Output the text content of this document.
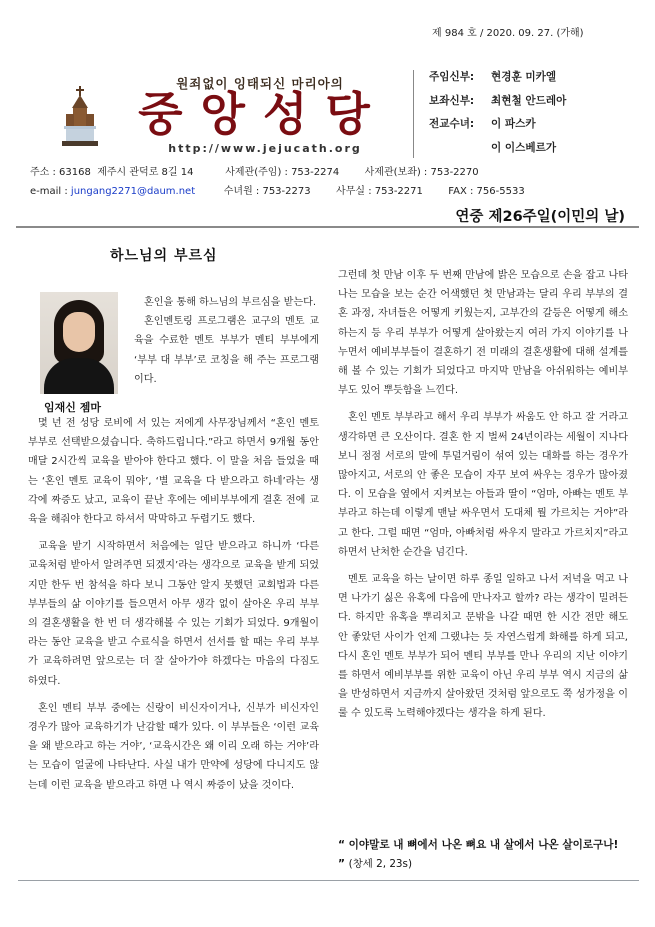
원죄없이 잉태되신 마리아의
중앙성당
http://www.jejucath.org
제 984 호 / 2020. 09. 27. (가해)
주임신부:	현경훈 미카엘
보좌신부:	최현철 안드레아
전교수녀:	이 파스카
이 이스베르가
주소 : 63168  제주시 관덕로 8길 14          사제관(주임) : 753-2274        사제관(보좌) : 753-2270
e-mail : jungang2271@daum.net         수녀원 : 753-2273        사무실 : 753-2271        FAX : 756-5533
연중 제26주일(이민의 날)
하느님의 부르심
임재신 젬마

혼인을 통해 하느님의 부르심을 받는다.

혼인멘토링 프로그램은 교구의 멘토 교육을 수료한 멘토 부부가 멘티 부부에게 ‘부부 대 부부’로 코칭을 해 주는 프로그램이다.

몇 년 전 성당 로비에 서 있는 저에게 사무장님께서 “혼인 멘토 부부로 선택받으셨습니다. 축하드립니다.”라고 하면서 9개월 동안 매달 2시간씩 교육을 받아야 한다고 했다. 이 말을 처음 들었을 때는 ‘혼인 멘토 교육이 뭐야’, ‘별 교육을 다 받으라고 하네’라는 생각에 짜증도 났고, 교육이 끝난 후에는 예비부부에게 결혼 전에 교육을 해줘야 한다고 하셔서 막막하고 두렵기도 했다.

교육을 받기 시작하면서 처음에는 일단 받으라고 하니까 ‘다른 교육처럼 받아서 알려주면 되겠지’라는 생각으로 교육을 받게 되었지만 한두 번 참석을 하다 보니 그동안 알지 못했던 교회법과 다른 부부들의 삶 이야기를 들으면서 아무 생각 없이 살아온 우리 부부의 결혼생활을 한 번 더 생각해볼 수 있는 기회가 되었다. 9개월이라는 동안 교육을 받고 수료식을 하면서 선서를 할 때는 우리 부부가 교육하려면 앞으로는 더 잘 살아가야 하겠다는 마음의 다짐도 하였다.

혼인 멘티 부부 중에는 신랑이 비신자이거나, 신부가 비신자인 경우가 많아 교육하기가 난감할 때가 있다. 이 부부들은 ‘이런 교육을 왜 받으라고 하는 거야’, ‘교육시간은 왜 이리 오래 하는 거야’라는 모습이 얼굴에 나타난다. 사실 내가 만약에 성당에 다니지도 않는데 이런 교육을 받으라고 하면 나 역시 짜증이 났을 것이다.

그런데 첫 만남 이후 두 번째 만남에 밝은 모습으로 손을 잡고 나타나는 모습을 보는 순간 어색했던 첫 만남과는 달리 우리 부부의 결혼 과정, 자녀들은 어떻게 키웠는지, 고부간의 갈등은 어떻게 해소하는지 등 우리 부부가 어떻게 살아왔는지 여러 가지 이야기를 나누면서 예비부부들이 결혼하기 전 미래의 결혼생활에 대해 설계를 해 볼 수 있는 기회가 되었다고 마지막 만남을 아쉬워하는 예비부부도 있어 뿌듯함을 느낀다.

혼인 멘토 부부라고 해서 우리 부부가 싸움도 안 하고 잘 거라고 생각하면 큰 오산이다. 결혼 한 지 벌써 24년이라는 세월이 지나다 보니 점점 서로의 말에 투덜거림이 섞여 있는 대화를 하는 경우가 많아지고, 서로의 안 좋은 모습이 자꾸 보여 싸우는 경우가 많아졌다. 이 모습을 옆에서 지켜보는 아들과 딸이 “엄마, 아빠는 멘토 부부라고 하는데 이렇게 맨날 싸우면서 도대체 뭘 가르치는 거야”라고 한다. 그럴 때면 “엄마, 아빠처럼 싸우지 말라고 가르치지”라고 하면서 난처한 순간을 넘긴다.

멘토 교육을 하는 날이면 하루 종일 일하고 나서 저녁을 먹고 나면 나가기 싫은 유혹에 다음에 만나자고 할까? 라는 생각이 밀려든다. 하지만 유혹을 뿌리치고 문밖을 나갈 때면 한 시간 전만 해도 안 좋았던 사이가 언제 그랬냐는 듯 자연스럽게 화해를 하게 되고, 다시 혼인 멘토 부부가 되어 멘티 부부를 만나 우리의 지난 이야기를 하면서 예비부부를 위한 교육이 아닌 우리 부부 역시 지금의 삶을 반성하면서 지금까지 살아왔던 것처럼 앞으로도 쭉 성가정을 이룰 수 있도록 노력해야겠다는 생각을 하게 된다.

“ 이야말로 내 뼈에서 나온 뼈요 내 살에서 나온 살이로구나! ” (창세 2, 23s)
